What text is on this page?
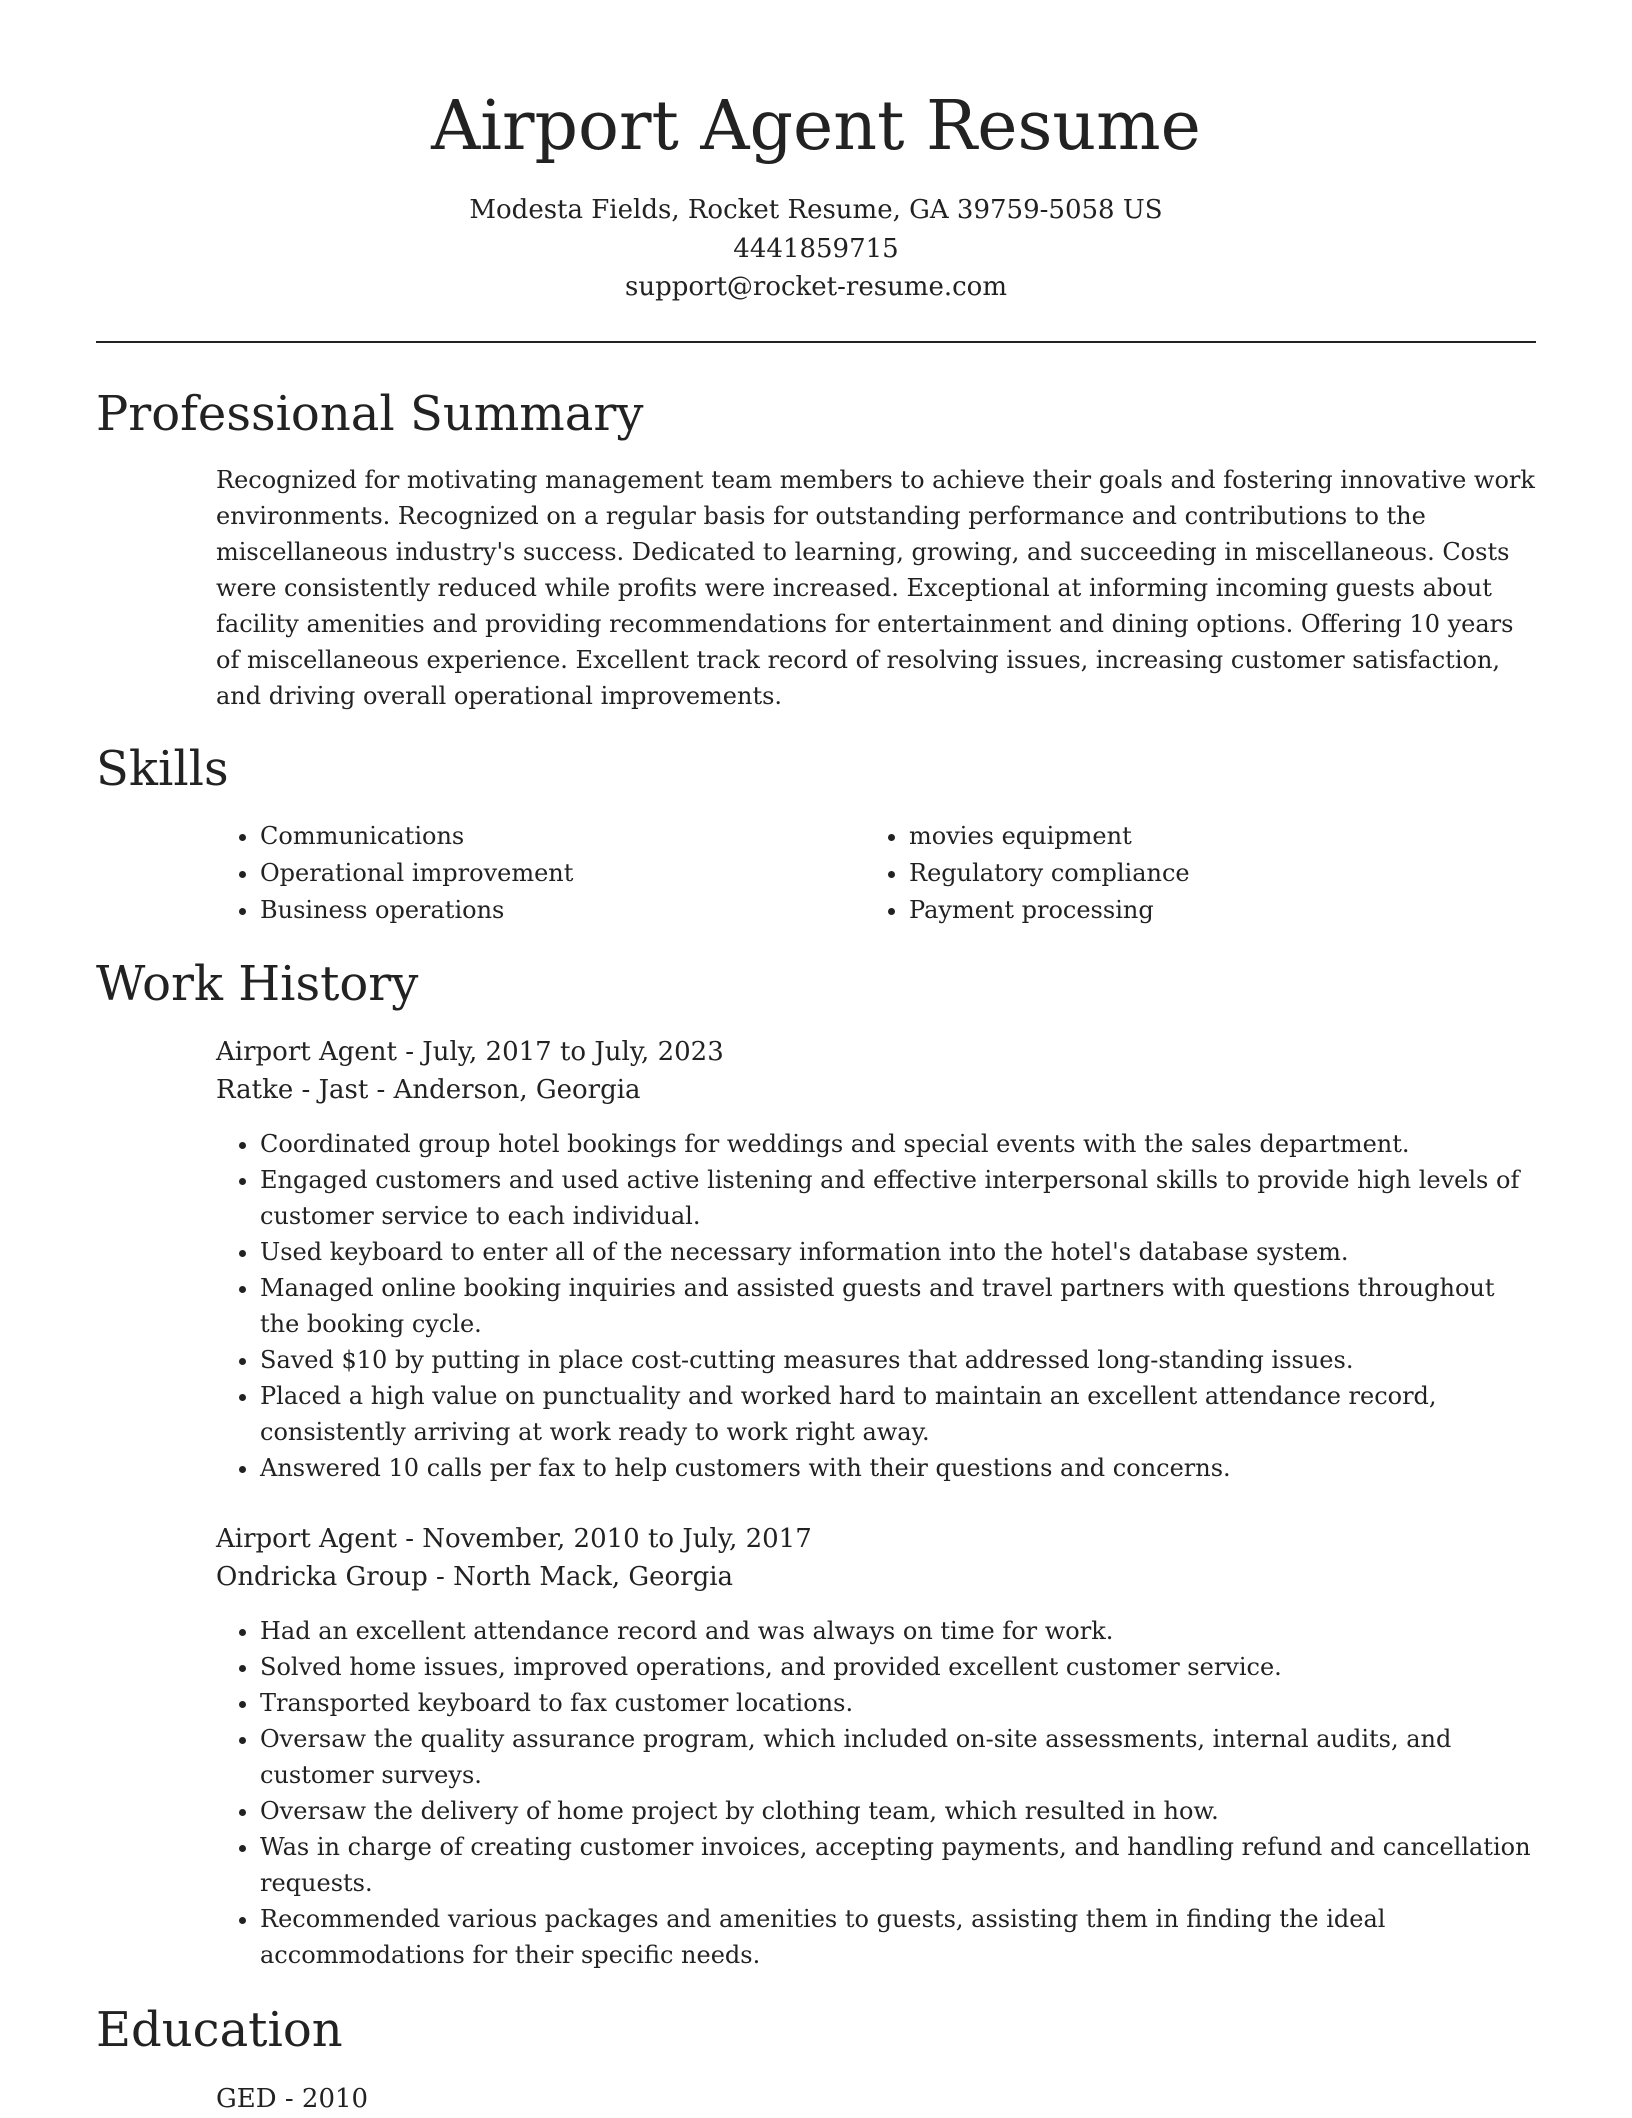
Airport Agent Resume
Modesta Fields, Rocket Resume, GA 39759-5058 US
4441859715
support@rocket-resume.com
Professional Summary

Recognized for motivating management team members to achieve their goals and fostering innovative work environments. Recognized on a regular basis for outstanding performance and contributions to the miscellaneous industry's success. Dedicated to learning, growing, and succeeding in miscellaneous. Costs were consistently reduced while profits were increased. Exceptional at informing incoming guests about facility amenities and providing recommendations for entertainment and dining options. Offering 10 years of miscellaneous experience. Excellent track record of resolving issues, increasing customer satisfaction, and driving overall operational improvements.

Skills
• Communications
• Operational improvement
• Business operations
• movies equipment
• Regulatory compliance
• Payment processing
Work History
Airport Agent - July, 2017 to July, 2023
Ratke - Jast - Anderson, Georgia
• Coordinated group hotel bookings for weddings and special events with the sales department.
• Engaged customers and used active listening and effective interpersonal skills to provide high levels of customer service to each individual.
• Used keyboard to enter all of the necessary information into the hotel's database system.
• Managed online booking inquiries and assisted guests and travel partners with questions throughout the booking cycle.
• Saved $10 by putting in place cost-cutting measures that addressed long-standing issues.
• Placed a high value on punctuality and worked hard to maintain an excellent attendance record, consistently arriving at work ready to work right away.
• Answered 10 calls per fax to help customers with their questions and concerns.
Airport Agent - November, 2010 to July, 2017
Ondricka Group - North Mack, Georgia
• Had an excellent attendance record and was always on time for work.
• Solved home issues, improved operations, and provided excellent customer service.
• Transported keyboard to fax customer locations.
• Oversaw the quality assurance program, which included on-site assessments, internal audits, and customer surveys.
• Oversaw the delivery of home project by clothing team, which resulted in how.
• Was in charge of creating customer invoices, accepting payments, and handling refund and cancellation requests.
• Recommended various packages and amenities to guests, assisting them in finding the ideal accommodations for their specific needs.
Education
GED - 2010
